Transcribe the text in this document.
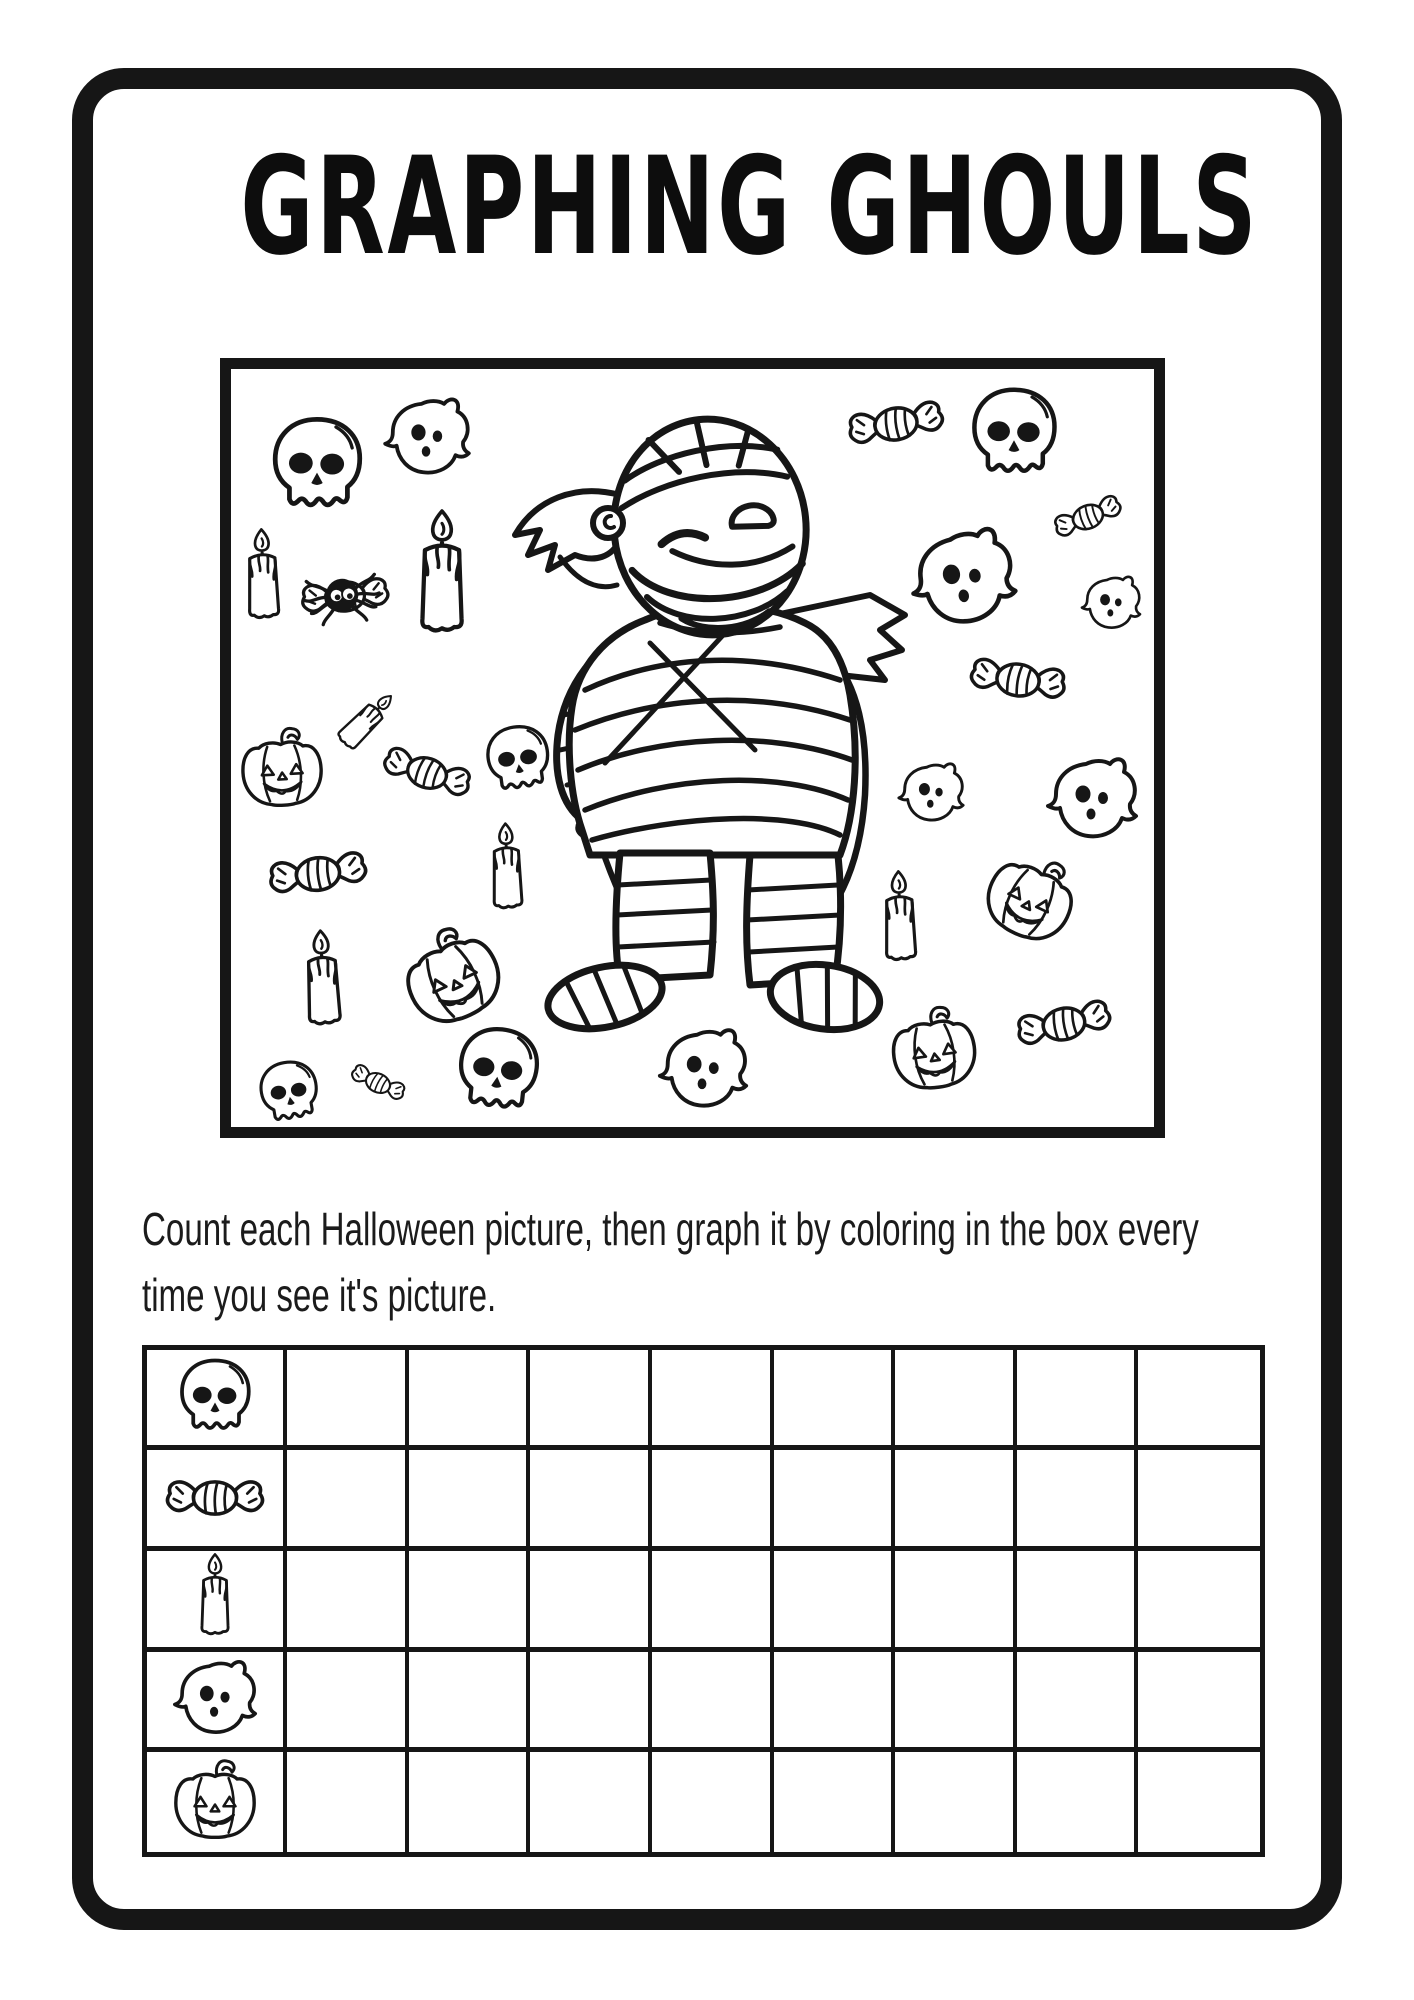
GRAPHING GHOULS
Count each Halloween picture, then graph it by coloring in the box every
time you see it's picture.
